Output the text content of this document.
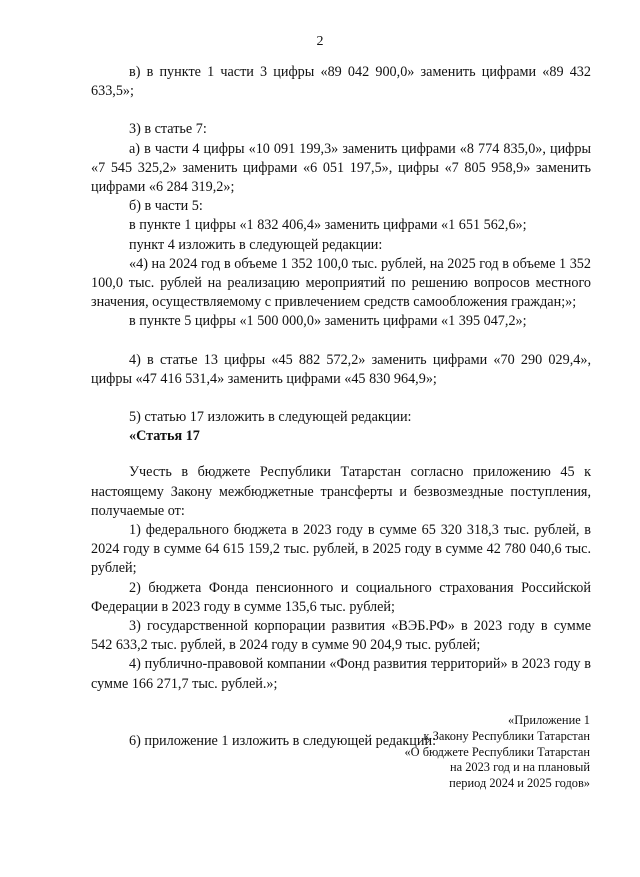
2

в) в пункте 1 части 3 цифры «89 042 900,0» заменить цифрами «89 432 633,5»;

3) в статье 7:

а) в части 4 цифры «10 091 199,3» заменить цифрами «8 774 835,0», цифры «7 545 325,2» заменить цифрами «6 051 197,5», цифры «7 805 958,9» заменить цифрами «6 284 319,2»;

б) в части 5:

в пункте 1 цифры «1 832 406,4» заменить цифрами «1 651 562,6»;

пункт 4 изложить в следующей редакции:

«4) на 2024 год в объеме 1 352 100,0 тыс. рублей, на 2025 год в объеме 1 352 100,0 тыс. рублей на реализацию мероприятий по решению вопросов местного значения, осуществляемому с привлечением средств самообложения граждан;»;

в пункте 5 цифры «1 500 000,0» заменить цифрами «1 395 047,2»;

4) в статье 13 цифры «45 882 572,2» заменить цифрами «70 290 029,4», цифры «47 416 531,4» заменить цифрами «45 830 964,9»;

5) статью 17 изложить в следующей редакции:

«Статья 17

Учесть в бюджете Республики Татарстан согласно приложению 45 к настоящему Закону межбюджетные трансферты и безвозмездные поступления, получаемые от:

1) федерального бюджета в 2023 году в сумме 65 320 318,3 тыс. рублей, в 2024 году в сумме 64 615 159,2 тыс. рублей, в 2025 году в сумме 42 780 040,6 тыс. рублей;

2) бюджета Фонда пенсионного и социального страхования Российской Федерации в 2023 году в сумме 135,6 тыс. рублей;

3) государственной корпорации развития «ВЭБ.РФ» в 2023 году в сумме 542 633,2 тыс. рублей, в 2024 году в сумме 90 204,9 тыс. рублей;

4) публично-правовой компании «Фонд развития территорий» в 2023 году в сумме 166 271,7 тыс. рублей.»;

6) приложение 1 изложить в следующей редакции:

«Приложение 1
к Закону Республики Татарстан
«О бюджете Республики Татарстан
на 2023 год и на плановый
период 2024 и 2025 годов»
